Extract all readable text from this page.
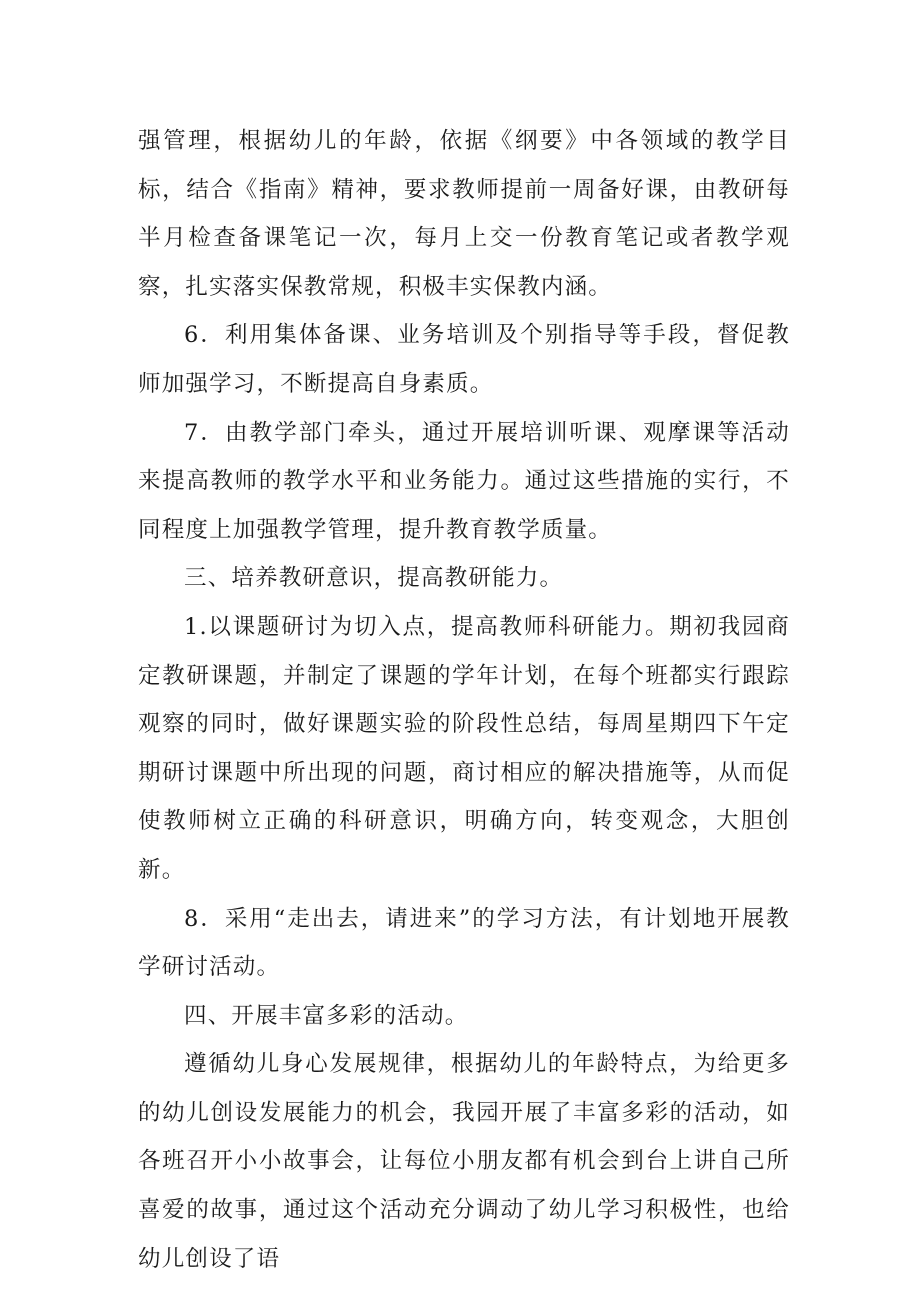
强管理，根据幼儿的年龄，依据《纲要》中各领域的教学目标，结合《指南》精神，要求教师提前一周备好课，由教研每半月检查备课笔记一次，每月上交一份教育笔记或者教学观察，扎实落实保教常规，积极丰实保教内涵。

6．利用集体备课、业务培训及个别指导等手段，督促教师加强学习，不断提高自身素质。

7．由教学部门牵头，通过开展培训听课、观摩课等活动来提高教师的教学水平和业务能力。通过这些措施的实行，不同程度上加强教学管理，提升教育教学质量。

三、培养教研意识，提高教研能力。

1.以课题研讨为切入点，提高教师科研能力。期初我园商定教研课题，并制定了课题的学年计划，在每个班都实行跟踪观察的同时，做好课题实验的阶段性总结，每周星期四下午定期研讨课题中所出现的问题，商讨相应的解决措施等，从而促使教师树立正确的科研意识，明确方向，转变观念，大胆创新。

8．采用“走出去，请进来”的学习方法，有计划地开展教学研讨活动。

四、开展丰富多彩的活动。

遵循幼儿身心发展规律，根据幼儿的年龄特点，为给更多的幼儿创设发展能力的机会，我园开展了丰富多彩的活动，如各班召开小小故事会，让每位小朋友都有机会到台上讲自己所喜爱的故事，通过这个活动充分调动了幼儿学习积极性，也给幼儿创设了语
